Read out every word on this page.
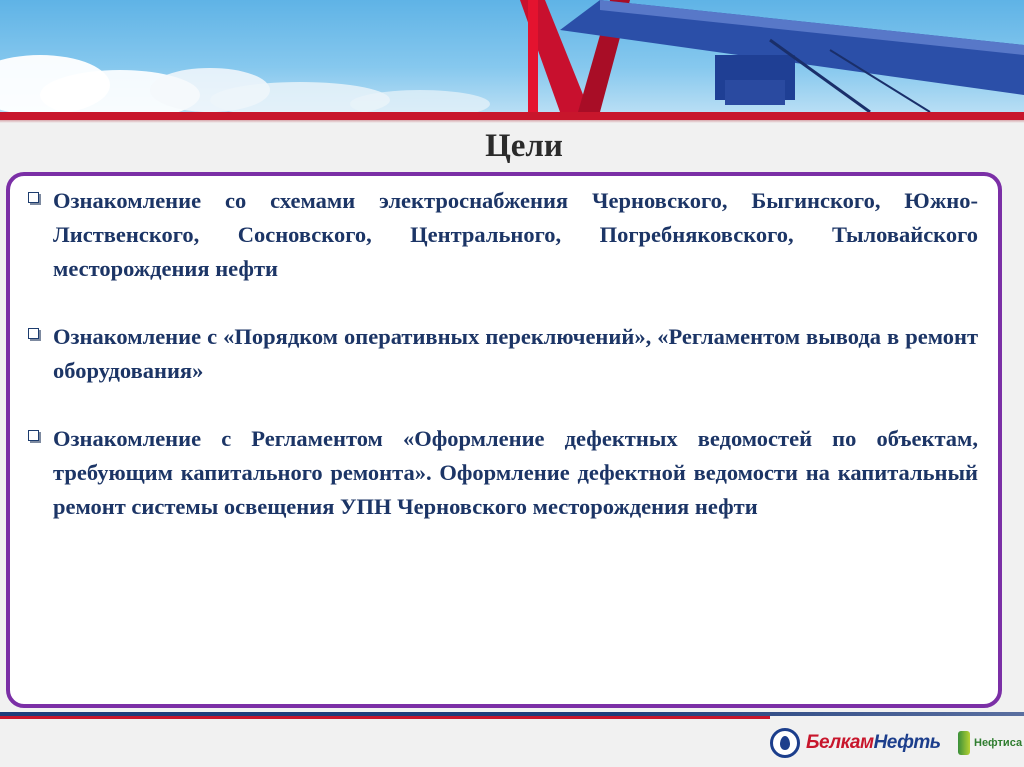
Цели

Ознакомление со схемами электроснабжения Черновского, Быгинского, Южно-Лиственского, Сосновского, Центрального, Погребняковского, Тыловайского месторождения нефти

Ознакомление с «Порядком оперативных переключений», «Регламентом вывода в ремонт оборудования»

Ознакомление с Регламентом «Оформление дефектных ведомостей по объектам, требующим капитального ремонта». Оформление дефектной ведомости на капитальный ремонт системы освещения УПН Черновского месторождения нефти

БелкамНефть	Нефтиса
